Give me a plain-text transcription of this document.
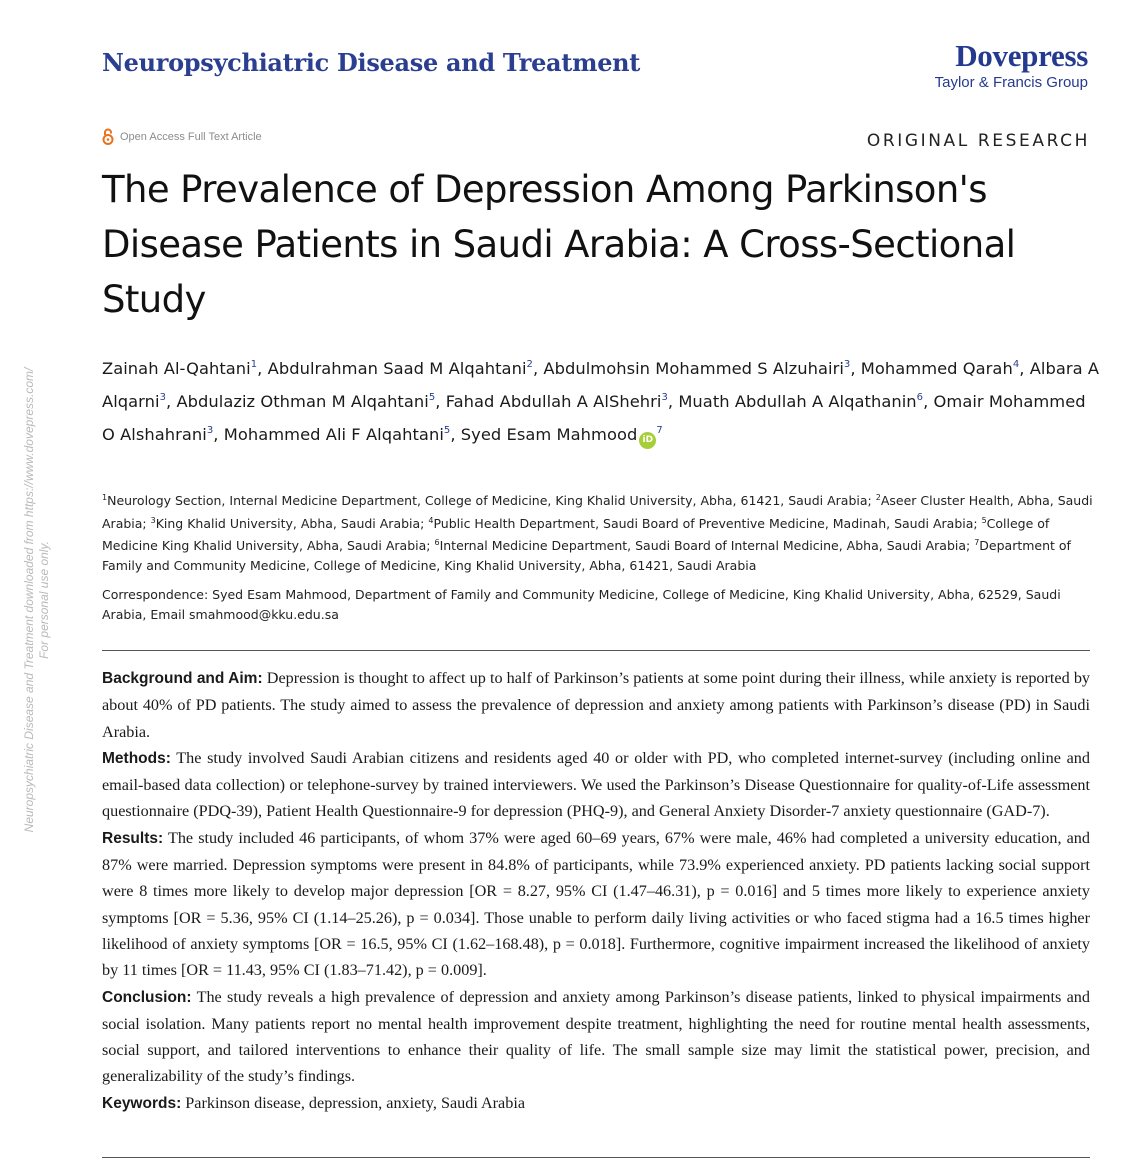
Neuropsychiatric Disease and Treatment	Dovepress
Taylor & Francis Group
Open Access Full Text Article	ORIGINAL RESEARCH
The Prevalence of Depression Among Parkinson's Disease Patients in Saudi Arabia: A Cross-Sectional Study
Zainah Al-Qahtani$^1$, Abdulrahman Saad M Alqahtani$^2$, Abdulmohsin Mohammed S Alzuhairi$^3$, Mohammed Qarah$^4$, Albara A Alqarni$^3$, Abdulaziz Othman M Alqahtani$^5$, Fahad Abdullah A AlShehri$^3$, Muath Abdullah A Alqathanin$^6$, Omair Mohammed O Alshahrani$^3$, Mohammed Ali F Alqahtani$^5$, Syed Esam Mahmood $iD^7$
$^1$Neurology Section, Internal Medicine Department, College of Medicine, King Khalid University, Abha, 61421, Saudi Arabia; $^2$Aseer Cluster Health, Abha, Saudi Arabia; $^3$King Khalid University, Abha, Saudi Arabia; $^4$Public Health Department, Saudi Board of Preventive Medicine, Madinah, Saudi Arabia; $^5$College of Medicine King Khalid University, Abha, Saudi Arabia; $^6$Internal Medicine Department, Saudi Board of Internal Medicine, Abha, Saudi Arabia; $^7$Department of Family and Community Medicine, College of Medicine, King Khalid University, Abha, 61421, Saudi Arabia
Correspondence: Syed Esam Mahmood, Department of Family and Community Medicine, College of Medicine, King Khalid University, Abha, 62529, Saudi Arabia, Email smahmood@kku.edu.sa

Background and Aim: Depression is thought to affect up to half of Parkinson’s patients at some point during their illness, while anxiety is reported by about 40% of PD patients. The study aimed to assess the prevalence of depression and anxiety among patients with Parkinson’s disease (PD) in Saudi Arabia.

Methods: The study involved Saudi Arabian citizens and residents aged 40 or older with PD, who completed internet-survey (including online and email-based data collection) or telephone-survey by trained interviewers. We used the Parkinson’s Disease Questionnaire for quality-of-Life assessment questionnaire (PDQ-39), Patient Health Questionnaire-9 for depression (PHQ-9), and General Anxiety Disorder-7 anxiety questionnaire (GAD-7).

Results: The study included 46 participants, of whom 37% were aged 60–69 years, 67% were male, 46% had completed a university education, and 87% were married. Depression symptoms were present in 84.8% of participants, while 73.9% experienced anxiety. PD patients lacking social support were 8 times more likely to develop major depression [OR = 8.27, 95% CI (1.47–46.31), p = 0.016] and 5 times more likely to experience anxiety symptoms [OR = 5.36, 95% CI (1.14–25.26), p = 0.034]. Those unable to perform daily living activities or who faced stigma had a 16.5 times higher likelihood of anxiety symptoms [OR = 16.5, 95% CI (1.62–168.48), p = 0.018]. Furthermore, cognitive impairment increased the likelihood of anxiety by 11 times [OR = 11.43, 95% CI (1.83–71.42), p = 0.009].

Conclusion: The study reveals a high prevalence of depression and anxiety among Parkinson’s disease patients, linked to physical impairments and social isolation. Many patients report no mental health improvement despite treatment, highlighting the need for routine mental health assessments, social support, and tailored interventions to enhance their quality of life. The small sample size may limit the statistical power, precision, and generalizability of the study’s findings.

Keywords: Parkinson disease, depression, anxiety, Saudi Arabia

Neuropsychiatric Disease and Treatment downloaded from https://www.dovepress.com/ For personal use only.
